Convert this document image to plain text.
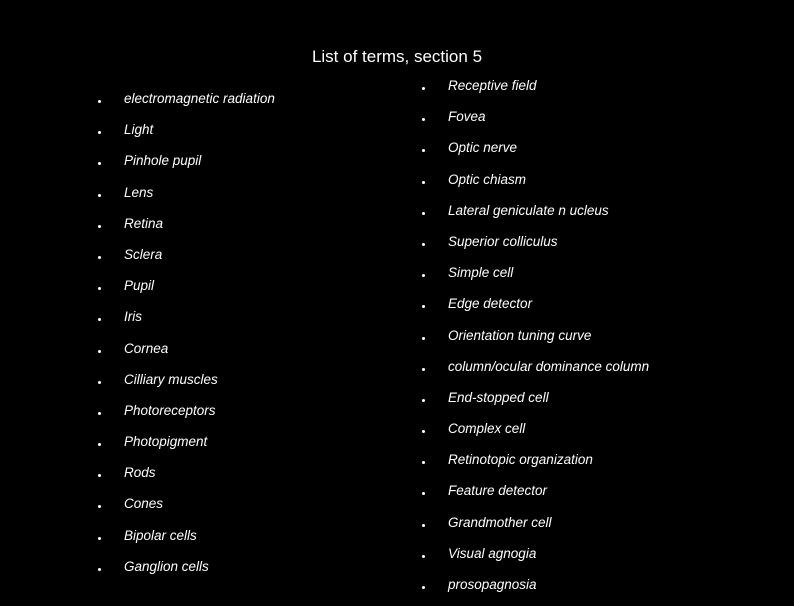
List of terms, section 5
electromagnetic radiation
Light
Pinhole pupil
Lens
Retina
Sclera
Pupil
Iris
Cornea
Cilliary muscles
Photoreceptors
Photopigment
Rods
Cones
Bipolar cells
Ganglion cells
Receptive field
Fovea
Optic nerve
Optic chiasm
Lateral geniculate n ucleus
Superior colliculus
Simple cell
Edge detector
Orientation tuning curve
column/ocular dominance column
End-stopped cell
Complex cell
Retinotopic organization
Feature detector
Grandmother cell
Visual agnogia
prosopagnosia
